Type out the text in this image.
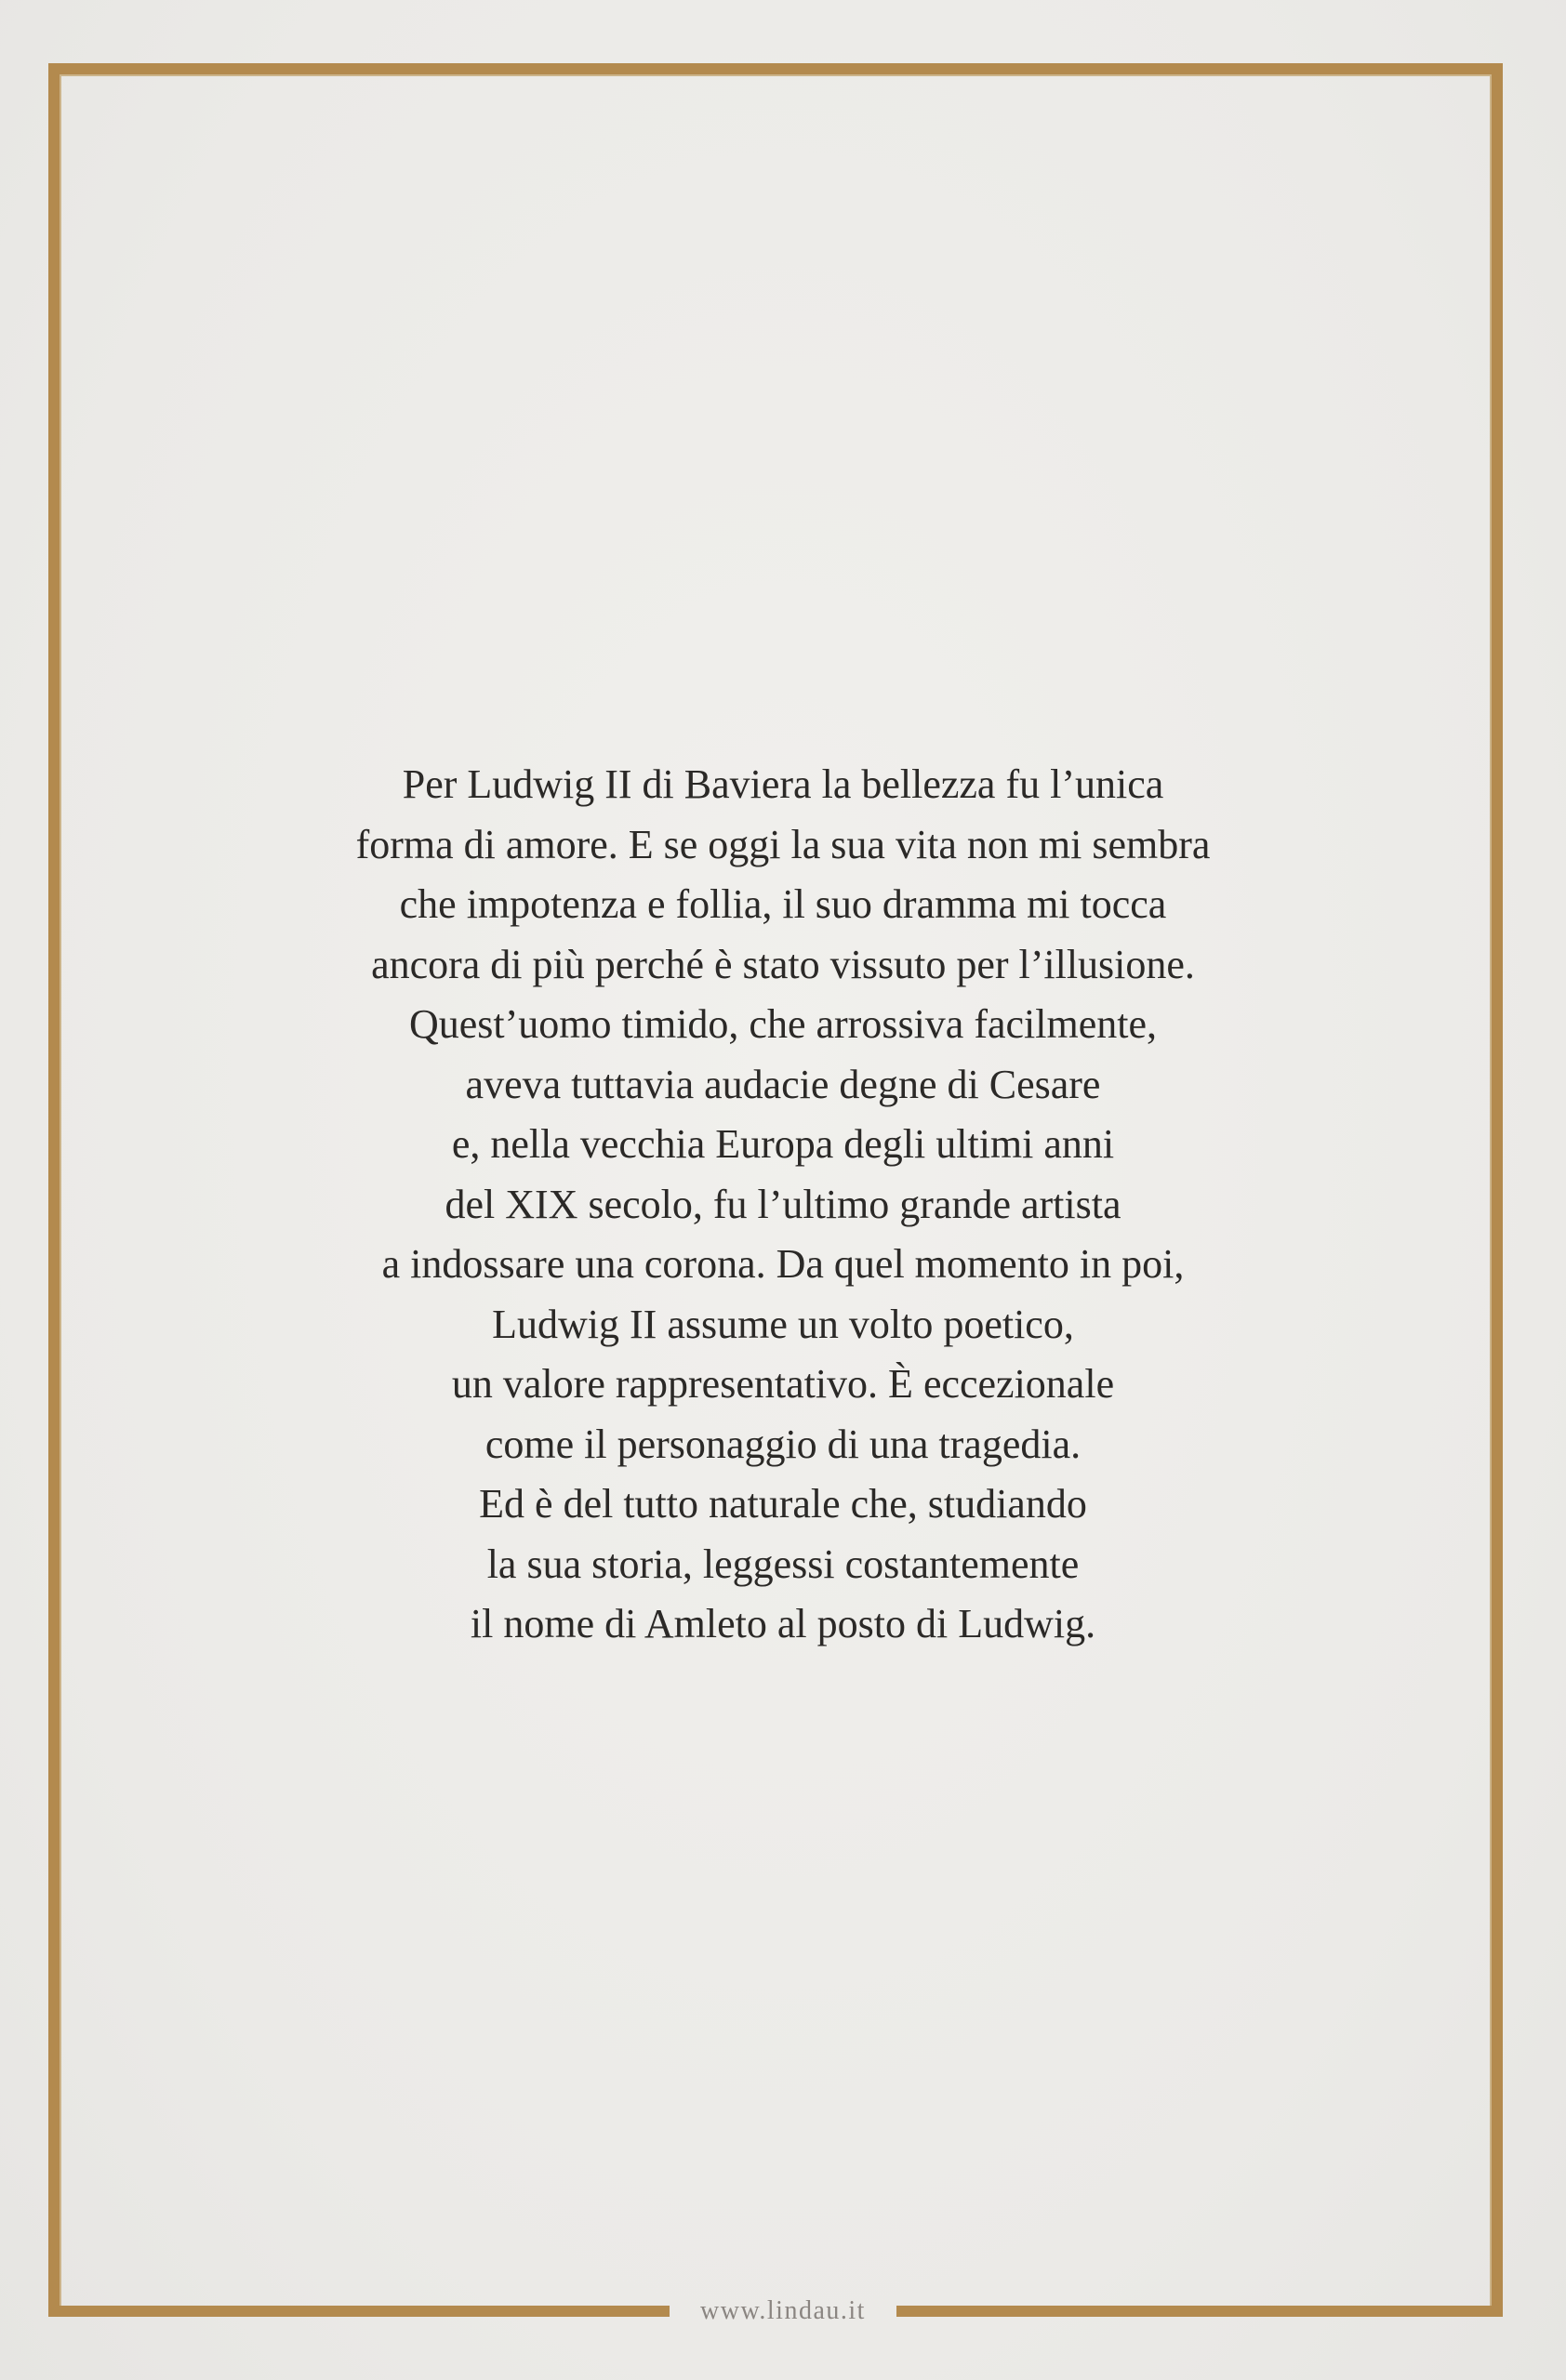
Per Ludwig II di Baviera la bellezza fu l’unica
forma di amore. E se oggi la sua vita non mi sembra
che impotenza e follia, il suo dramma mi tocca
ancora di più perché è stato vissuto per l’illusione.
Quest’uomo timido, che arrossiva facilmente,
aveva tuttavia audacie degne di Cesare
e, nella vecchia Europa degli ultimi anni
del XIX secolo, fu l’ultimo grande artista
a indossare una corona. Da quel momento in poi,
Ludwig II assume un volto poetico,
un valore rappresentativo. È eccezionale
come il personaggio di una tragedia.
Ed è del tutto naturale che, studiando
la sua storia, leggessi costantemente
il nome di Amleto al posto di Ludwig.

www.lindau.it
